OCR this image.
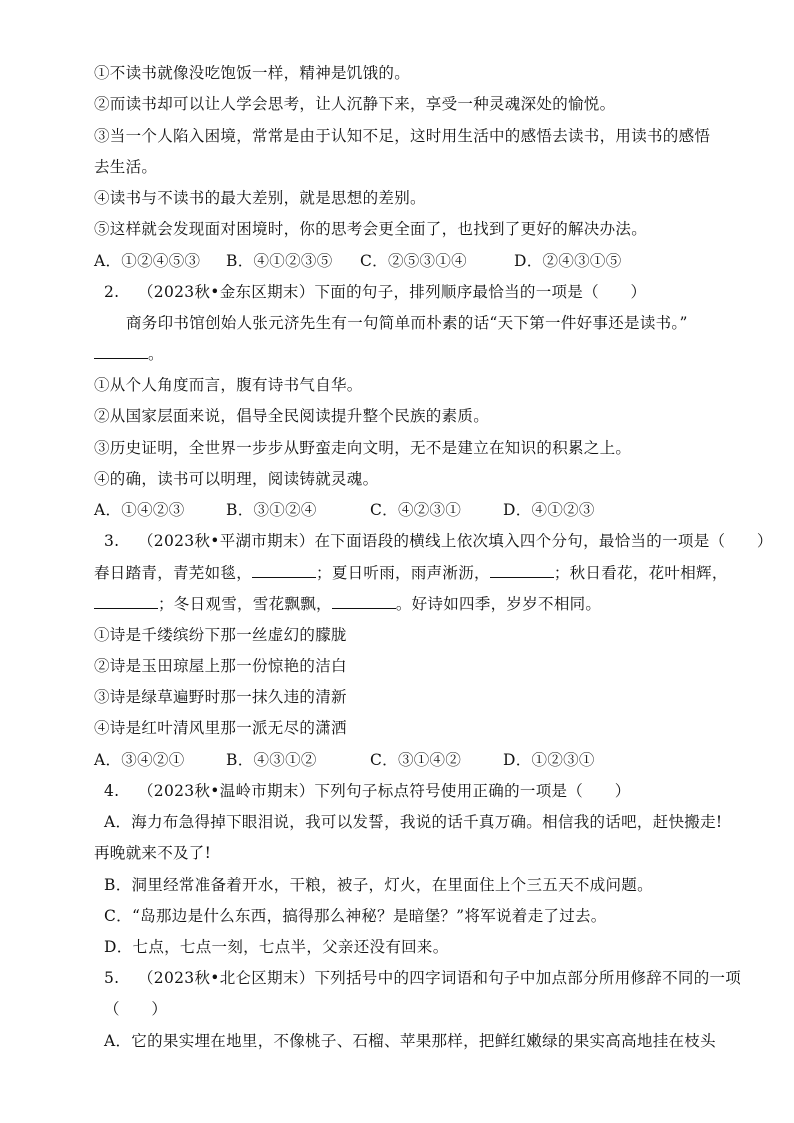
①不读书就像没吃饱饭一样，精神是饥饿的。
②而读书却可以让人学会思考，让人沉静下来，享受一种灵魂深处的愉悦。
③当一个人陷入困境，常常是由于认知不足，这时用生活中的感悟去读书，用读书的感悟
去生活。
④读书与不读书的最大差别，就是思想的差别。
⑤这样就会发现面对困境时，你的思考会更全面了，也找到了更好的解决办法。
A．①②④⑤③ B．④①②③⑤ C．②⑤③①④	D．②④③①⑤
2. （2023秋•金东区期末）下面的句子，排列顺序最恰当的一项是（　　）
商务印书馆创始人张元济先生有一句简单而朴素的话“天下第一件好事还是读书。”
。
①从个人角度而言，腹有诗书气自华。
②从国家层面来说，倡导全民阅读提升整个民族的素质。
③历史证明，全世界一步步从野蛮走向文明，无不是建立在知识的积累之上。
④的确，读书可以明理，阅读铸就灵魂。
A．①④②③	B．③①②④	C．④②③①	D．④①②③
3. （2023秋•平湖市期末）在下面语段的横线上依次填入四个分句，最恰当的一项是（　　）
春日踏青，青芜如毯，	；夏日听雨，雨声淅沥，	；秋日看花，花叶相辉，
；冬日观雪，雪花飘飘，	。好诗如四季，岁岁不相同。
①诗是千缕缤纷下那一丝虚幻的朦胧
②诗是玉田琼屋上那一份惊艳的洁白
③诗是绿草遍野时那一抹久违的清新
④诗是红叶清风里那一派无尽的潇洒
A．③④②①	B．④③①②	C．③①④②	D．①②③①
4. （2023秋•温岭市期末）下列句子标点符号使用正确的一项是（　　）
A．海力布急得掉下眼泪说，我可以发誓，我说的话千真万确。相信我的话吧，赶快搬走!
再晚就来不及了!
B．洞里经常准备着开水，干粮，被子，灯火，在里面住上个三五天不成问题。
C．“岛那边是什么东西，搞得那么神秘？是暗堡？”将军说着走了过去。
D．七点，七点一刻，七点半，父亲还没有回来。
5. （2023秋•北仑区期末）下列括号中的四字词语和句子中加点部分所用修辞不同的一项
（　　）
A．它的果实埋在地里，不像桃子、石榴、苹果那样，把鲜红嫩绿的果实高高地挂在枝头
